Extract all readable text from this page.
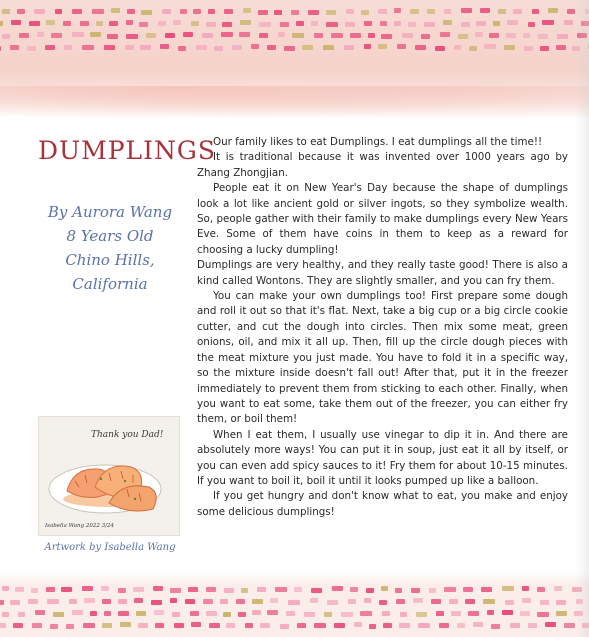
DUMPLINGS
By Aurora Wang
8 Years Old
Chino Hills,
California
Thank you Dad!
Isabella Wang 2022 3/24
Artwork by Isabella Wang

Our family likes to eat Dumplings. I eat dumplings all the time!!

It is traditional because it was invented over 1000 years ago by Zhang Zhongjian.

People eat it on New Year's Day because the shape of dumplings look a lot like ancient gold or silver ingots, so they symbolize wealth. So, people gather with their family to make dumplings every New Years Eve. Some of them have coins in them to keep as a reward for choosing a lucky dumpling!

Dumplings are very healthy, and they really taste good! There is also a kind called Wontons. They are slightly smaller, and you can fry them.

You can make your own dumplings too! First prepare some dough and roll it out so that it's flat. Next, take a big cup or a big circle cookie cutter, and cut the dough into circles. Then mix some meat, green onions, oil, and mix it all up. Then, fill up the circle dough pieces with the meat mixture you just made. You have to fold it in a specific way, so the mixture inside doesn't fall out! After that, put it in the freezer immediately to prevent them from sticking to each other. Finally, when you want to eat some, take them out of the freezer, you can either fry them, or boil them!

When I eat them, I usually use vinegar to dip it in. And there are absolutely more ways! You can put it in soup, just eat it all by itself, or you can even add spicy sauces to it! Fry them for about 10-15 minutes. If you want to boil it, boil it until it looks pumped up like a balloon.

If you get hungry and don't know what to eat, you make and enjoy some delicious dumplings!
